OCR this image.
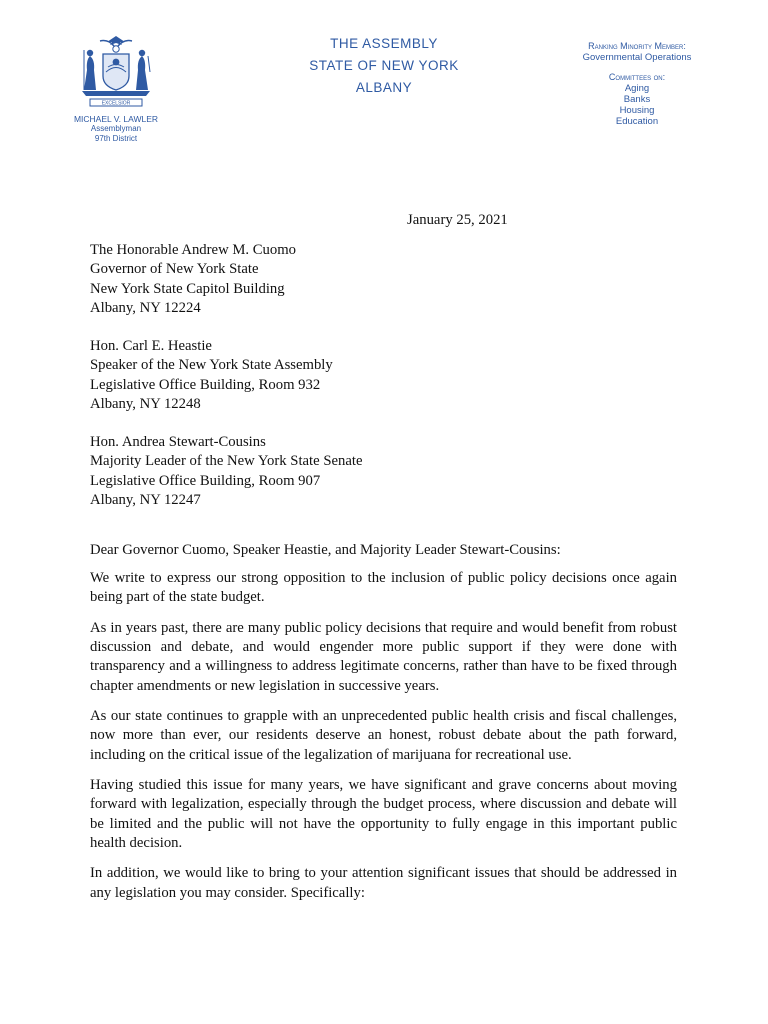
EXCELSIOR
MICHAEL V. LAWLER
Assemblyman
97th District
THE ASSEMBLY
STATE OF NEW YORK
ALBANY
Ranking Minority Member:
Governmental Operations
Committees on:
Aging
Banks
Housing
Education
January 25, 2021
The Honorable Andrew M. Cuomo
Governor of New York State
New York State Capitol Building
Albany, NY 12224
Hon. Carl E. Heastie
Speaker of the New York State Assembly
Legislative Office Building, Room 932
Albany, NY 12248
Hon. Andrea Stewart-Cousins
Majority Leader of the New York State Senate
Legislative Office Building, Room 907
Albany, NY 12247
Dear Governor Cuomo, Speaker Heastie, and Majority Leader Stewart-Cousins:

We write to express our strong opposition to the inclusion of public policy decisions once again being part of the state budget.

As in years past, there are many public policy decisions that require and would benefit from robust discussion and debate, and would engender more public support if they were done with transparency and a willingness to address legitimate concerns, rather than have to be fixed through chapter amendments or new legislation in successive years.

As our state continues to grapple with an unprecedented public health crisis and fiscal challenges, now more than ever, our residents deserve an honest, robust debate about the path forward, including on the critical issue of the legalization of marijuana for recreational use.

Having studied this issue for many years, we have significant and grave concerns about moving forward with legalization, especially through the budget process, where discussion and debate will be limited and the public will not have the opportunity to fully engage in this important public health decision.

In addition, we would like to bring to your attention significant issues that should be addressed in any legislation you may consider. Specifically:
